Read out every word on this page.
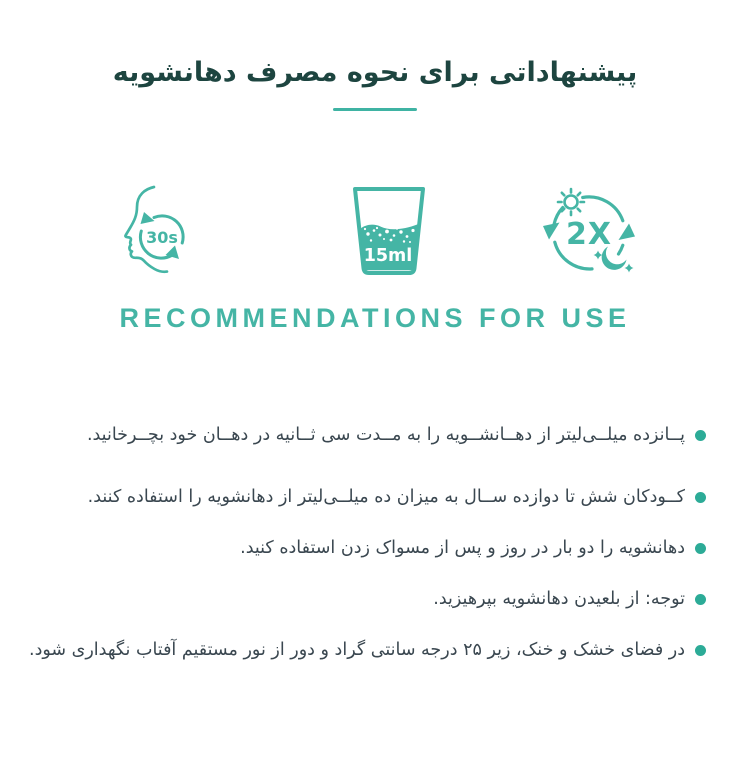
پیشنهاداتی برای نحوه مصرف دهانشویه
30s
15ml
2X
RECOMMENDATIONS FOR USE
پــانزده میلــی‌لیتر از دهــانشــویه را به مــدت سی ثــانیه در دهــان خود بچــرخانید.
کــودکان شش تا دوازده ســال به میزان ده میلــی‌لیتر از دهانشویه را استفاده کنند.
دهانشویه را دو بار در روز و پس از مسواک زدن استفاده کنید.
توجه: از بلعیدن دهانشویه بپرهیزید.
در فضای خشک و خنک، زیر ۲۵ درجه سانتی گراد و دور از نور مستقیم آفتاب نگهداری شود.
